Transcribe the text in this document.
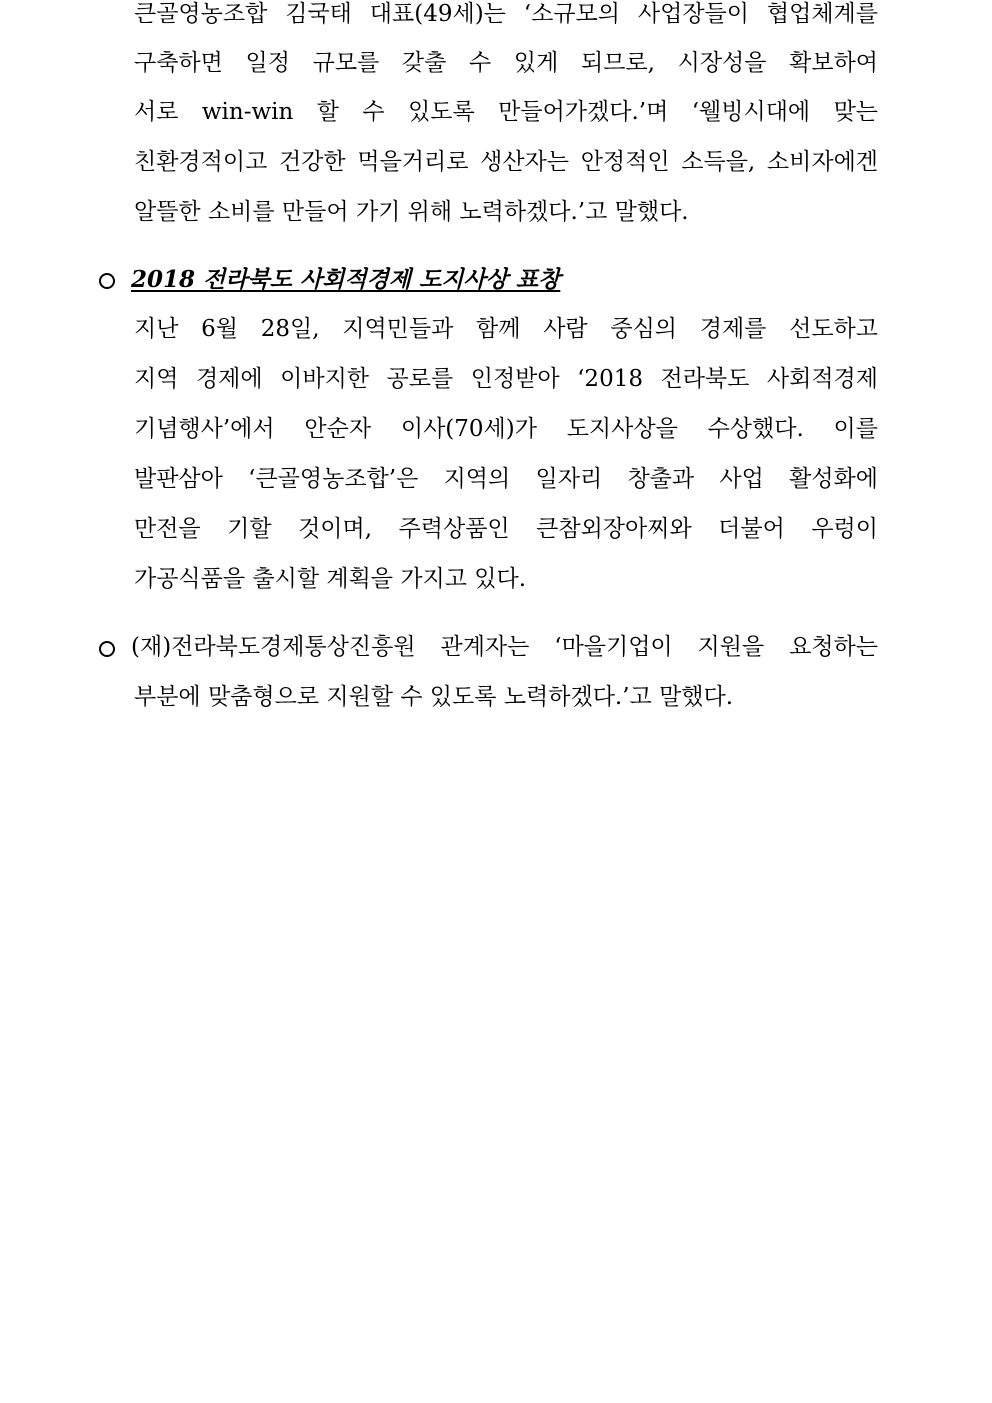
큰골영농조합 김국태 대표(49세)는 ‘소규모의 사업장들이 협업체계를
구축하면 일정 규모를 갖출 수 있게 되므로, 시장성을 확보하여
서로 win-win 할 수 있도록 만들어가겠다.’며 ‘웰빙시대에 맞는
친환경적이고 건강한 먹을거리로 생산자는 안정적인 소득을, 소비자에겐
알뜰한 소비를 만들어 가기 위해 노력하겠다.’고 말했다.
2018 전라북도 사회적경제 도지사상 표창
지난 6월 28일, 지역민들과 함께 사람 중심의 경제를 선도하고
지역 경제에 이바지한 공로를 인정받아 ‘2018 전라북도 사회적경제
기념행사’에서 안순자 이사(70세)가 도지사상을 수상했다. 이를
발판삼아 ‘큰골영농조합’은 지역의 일자리 창출과 사업 활성화에
만전을 기할 것이며, 주력상품인 큰참외장아찌와 더불어 우렁이
가공식품을 출시할 계획을 가지고 있다.
(재)전라북도경제통상진흥원 관계자는 ‘마을기업이 지원을 요청하는
부분에 맞춤형으로 지원할 수 있도록 노력하겠다.’고 말했다.
